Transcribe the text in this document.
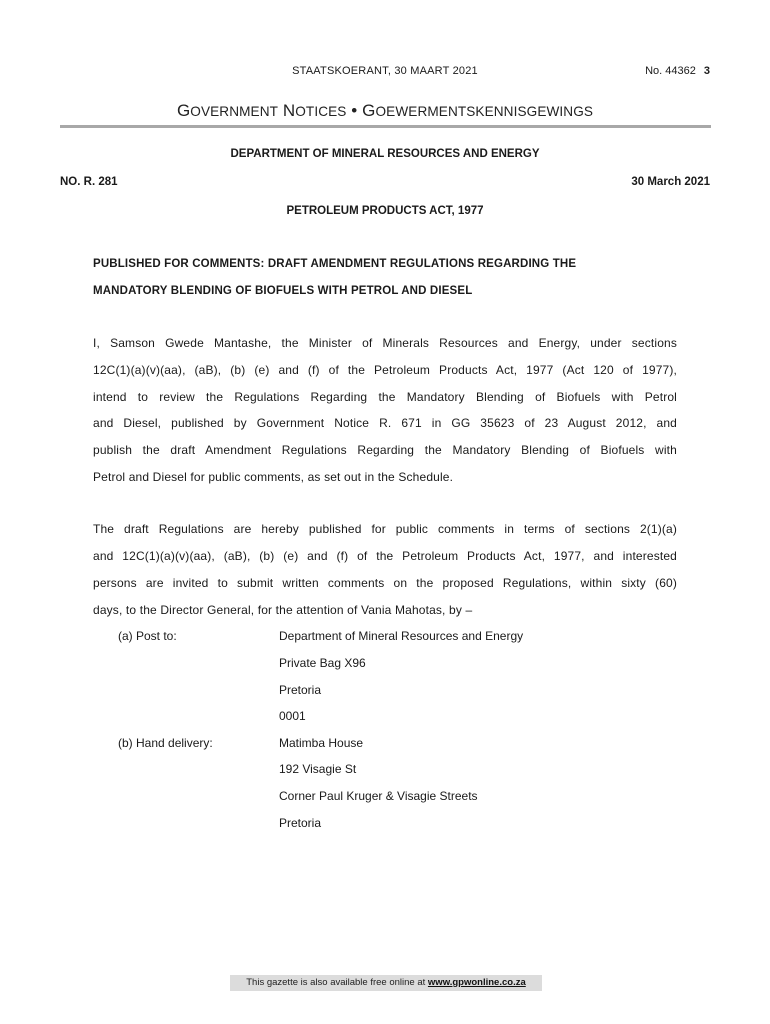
STAATSKOERANT, 30 MAART 2021	No. 44362 3
GOVERNMENT NOTICES • GOEWERMENTSKENNISGEWINGS
DEPARTMENT OF MINERAL RESOURCES AND ENERGY
NO. R. 281	30 March 2021
PETROLEUM PRODUCTS ACT, 1977
PUBLISHED FOR COMMENTS: DRAFT AMENDMENT REGULATIONS REGARDING THE
MANDATORY BLENDING OF BIOFUELS WITH PETROL AND DIESEL
I, Samson Gwede Mantashe, the Minister of Minerals Resources and Energy, under sections
12C(1)(a)(v)(aa), (aB), (b) (e) and (f) of the Petroleum Products Act, 1977 (Act 120 of 1977),
intend to review the Regulations Regarding the Mandatory Blending of Biofuels with Petrol
and Diesel, published by Government Notice R. 671 in GG 35623 of 23 August 2012, and
publish the draft Amendment Regulations Regarding the Mandatory Blending of Biofuels with
Petrol and Diesel for public comments, as set out in the Schedule.
The draft Regulations are hereby published for public comments in terms of sections 2(1)(a)
and 12C(1)(a)(v)(aa), (aB), (b) (e) and (f) of the Petroleum Products Act, 1977, and interested
persons are invited to submit written comments on the proposed Regulations, within sixty (60)
days, to the Director General, for the attention of Vania Mahotas, by –
(a) Post to:	Department of Mineral Resources and Energy
Private Bag X96
Pretoria
0001
(b) Hand delivery:	Matimba House
192 Visagie St
Corner Paul Kruger & Visagie Streets
Pretoria
This gazette is also available free online at www.gpwonline.co.za
